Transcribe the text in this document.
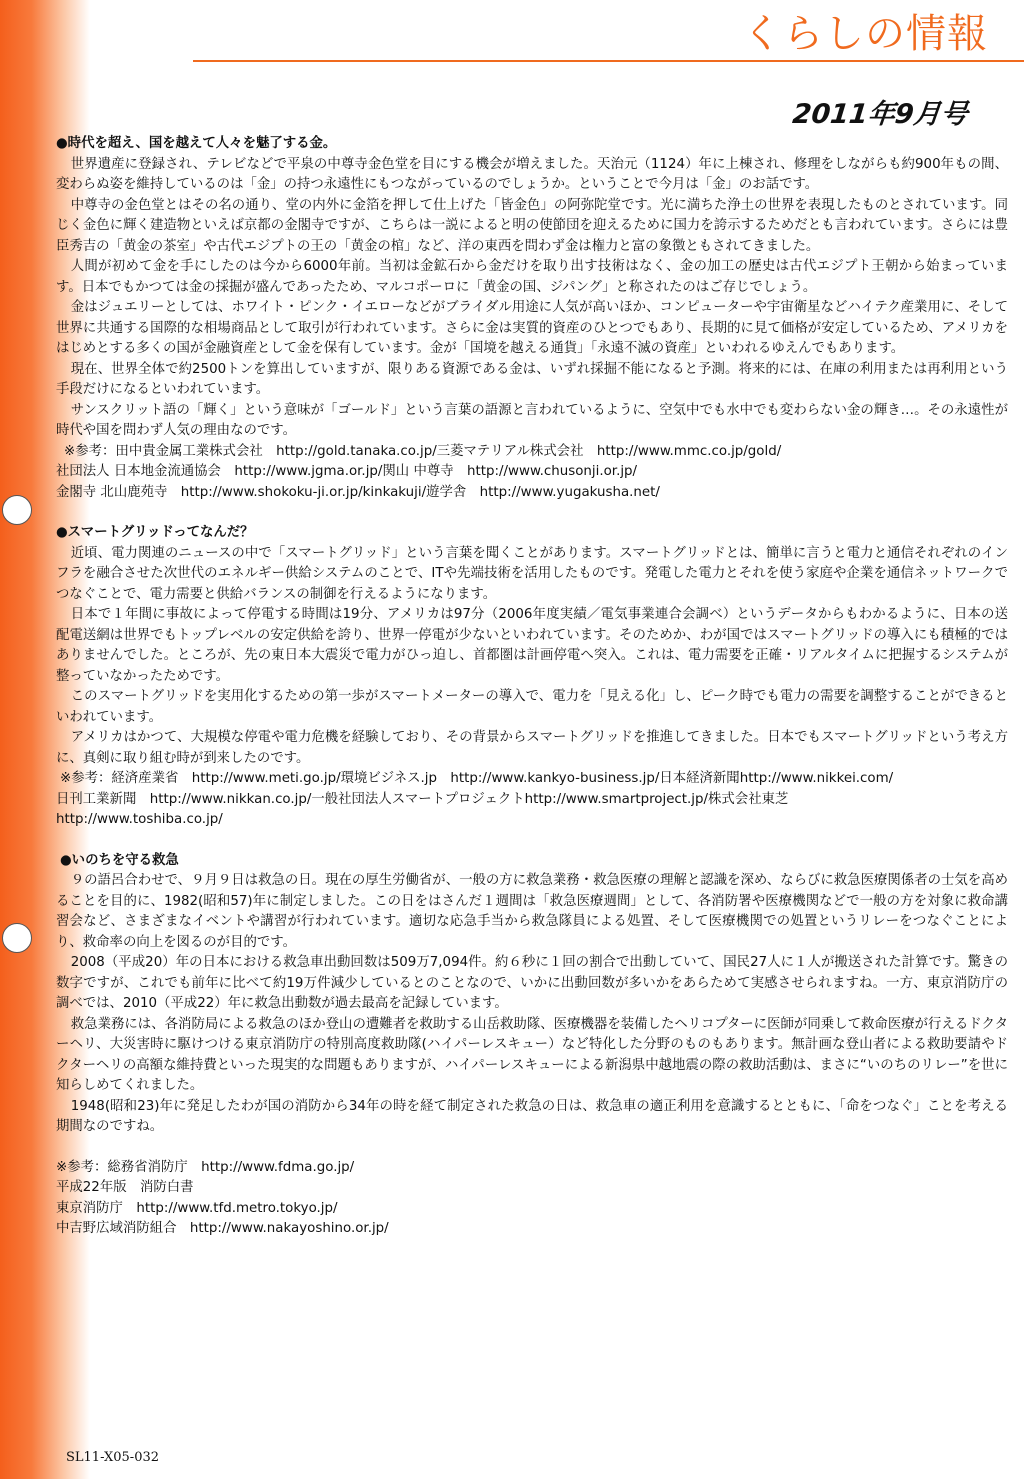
くらしの情報
2011年9月号

●時代を超え、国を越えて人々を魅了する金。

世界遺産に登録され、テレビなどで平泉の中尊寺金色堂を目にする機会が増えました。天治元（1124）年に上棟され、修理をしながらも約900年もの間、変わらぬ姿を維持しているのは「金」の持つ永遠性にもつながっているのでしょうか。ということで今月は「金」のお話です。

中尊寺の金色堂とはその名の通り、堂の内外に金箔を押して仕上げた「皆金色」の阿弥陀堂です。光に満ちた浄土の世界を表現したものとされています。同じく金色に輝く建造物といえば京都の金閣寺ですが、こちらは一説によると明の使節団を迎えるために国力を誇示するためだとも言われています。さらには豊臣秀吉の「黄金の茶室」や古代エジプトの王の「黄金の棺」など、洋の東西を問わず金は権力と富の象徴ともされてきました。

人間が初めて金を手にしたのは今から6000年前。当初は金鉱石から金だけを取り出す技術はなく、金の加工の歴史は古代エジプト王朝から始まっています。日本でもかつては金の採掘が盛んであったため、マルコポーロに「黄金の国、ジパング」と称されたのはご存じでしょう。

金はジュエリーとしては、ホワイト・ピンク・イエローなどがブライダル用途に人気が高いほか、コンピューターや宇宙衛星などハイテク産業用に、そして世界に共通する国際的な相場商品として取引が行われています。さらに金は実質的資産のひとつでもあり、長期的に見て価格が安定しているため、アメリカをはじめとする多くの国が金融資産として金を保有しています。金が「国境を越える通貨」「永遠不滅の資産」といわれるゆえんでもあります。

現在、世界全体で約2500トンを算出していますが、限りある資源である金は、いずれ採掘不能になると予測。将来的には、在庫の利用または再利用という手段だけになるといわれています。

サンスクリット語の「輝く」という意味が「ゴールド」という言葉の語源と言われているように、空気中でも水中でも変わらない金の輝き…。その永遠性が時代や国を問わず人気の理由なのです。

※参考：田中貴金属工業株式会社　http://gold.tanaka.co.jp/三菱マテリアル株式会社　http://www.mmc.co.jp/gold/
社団法人 日本地金流通協会　http://www.jgma.or.jp/関山 中尊寺　http://www.chusonji.or.jp/
金閣寺 北山鹿苑寺　http://www.shokoku-ji.or.jp/kinkakuji/遊学舎　http://www.yugakusha.net/

●スマートグリッドってなんだ？

近頃、電力関連のニュースの中で「スマートグリッド」という言葉を聞くことがあります。スマートグリッドとは、簡単に言うと電力と通信それぞれのインフラを融合させた次世代のエネルギー供給システムのことで、ITや先端技術を活用したものです。発電した電力とそれを使う家庭や企業を通信ネットワークでつなぐことで、電力需要と供給バランスの制御を行えるようになります。

日本で１年間に事故によって停電する時間は19分、アメリカは97分（2006年度実績／電気事業連合会調べ）というデータからもわかるように、日本の送配電送網は世界でもトップレベルの安定供給を誇り、世界一停電が少ないといわれています。そのためか、わが国ではスマートグリッドの導入にも積極的ではありませんでした。ところが、先の東日本大震災で電力がひっ迫し、首都圏は計画停電へ突入。これは、電力需要を正確・リアルタイムに把握するシステムが整っていなかったためです。

このスマートグリッドを実用化するための第一歩がスマートメーターの導入で、電力を「見える化」し、ピーク時でも電力の需要を調整することができるといわれています。

アメリカはかつて、大規模な停電や電力危機を経験しており、その背景からスマートグリッドを推進してきました。日本でもスマートグリッドという考え方に、真剣に取り組む時が到来したのです。

※参考：経済産業省　http://www.meti.go.jp/環境ビジネス.jp　http://www.kankyo-business.jp/日本経済新聞http://www.nikkei.com/
日刊工業新聞　http://www.nikkan.co.jp/一般社団法人スマートプロジェクトhttp://www.smartproject.jp/株式会社東芝
http://www.toshiba.co.jp/

●いのちを守る救急

９の語呂合わせで、９月９日は救急の日。現在の厚生労働省が、一般の方に救急業務・救急医療の理解と認識を深め、ならびに救急医療関係者の士気を高めることを目的に、1982(昭和57)年に制定しました。この日をはさんだ１週間は「救急医療週間」として、各消防署や医療機関などで一般の方を対象に救命講習会など、さまざまなイベントや講習が行われています。適切な応急手当から救急隊員による処置、そして医療機関での処置というリレーをつなぐことにより、救命率の向上を図るのが目的です。

2008（平成20）年の日本における救急車出動回数は509万7,094件。約６秒に１回の割合で出動していて、国民27人に１人が搬送された計算です。驚きの数字ですが、これでも前年に比べて約19万件減少しているとのことなので、いかに出動回数が多いかをあらためて実感させられますね。一方、東京消防庁の調べでは、2010（平成22）年に救急出動数が過去最高を記録しています。

救急業務には、各消防局による救急のほか登山の遭難者を救助する山岳救助隊、医療機器を装備したヘリコプターに医師が同乗して救命医療が行えるドクターヘリ、大災害時に駆けつける東京消防庁の特別高度救助隊(ハイパーレスキュー）など特化した分野のものもあります。無計画な登山者による救助要請やドクターヘリの高額な維持費といった現実的な問題もありますが、ハイパーレスキューによる新潟県中越地震の際の救助活動は、まさに“いのちのリレー”を世に知らしめてくれました。

1948(昭和23)年に発足したわが国の消防から34年の時を経て制定された救急の日は、救急車の適正利用を意識するとともに、「命をつなぐ」ことを考える期間なのですね。

※参考：総務省消防庁　http://www.fdma.go.jp/
平成22年版　消防白書
東京消防庁　http://www.tfd.metro.tokyo.jp/
中吉野広域消防組合　http://www.nakayoshino.or.jp/
SL11-X05-032
